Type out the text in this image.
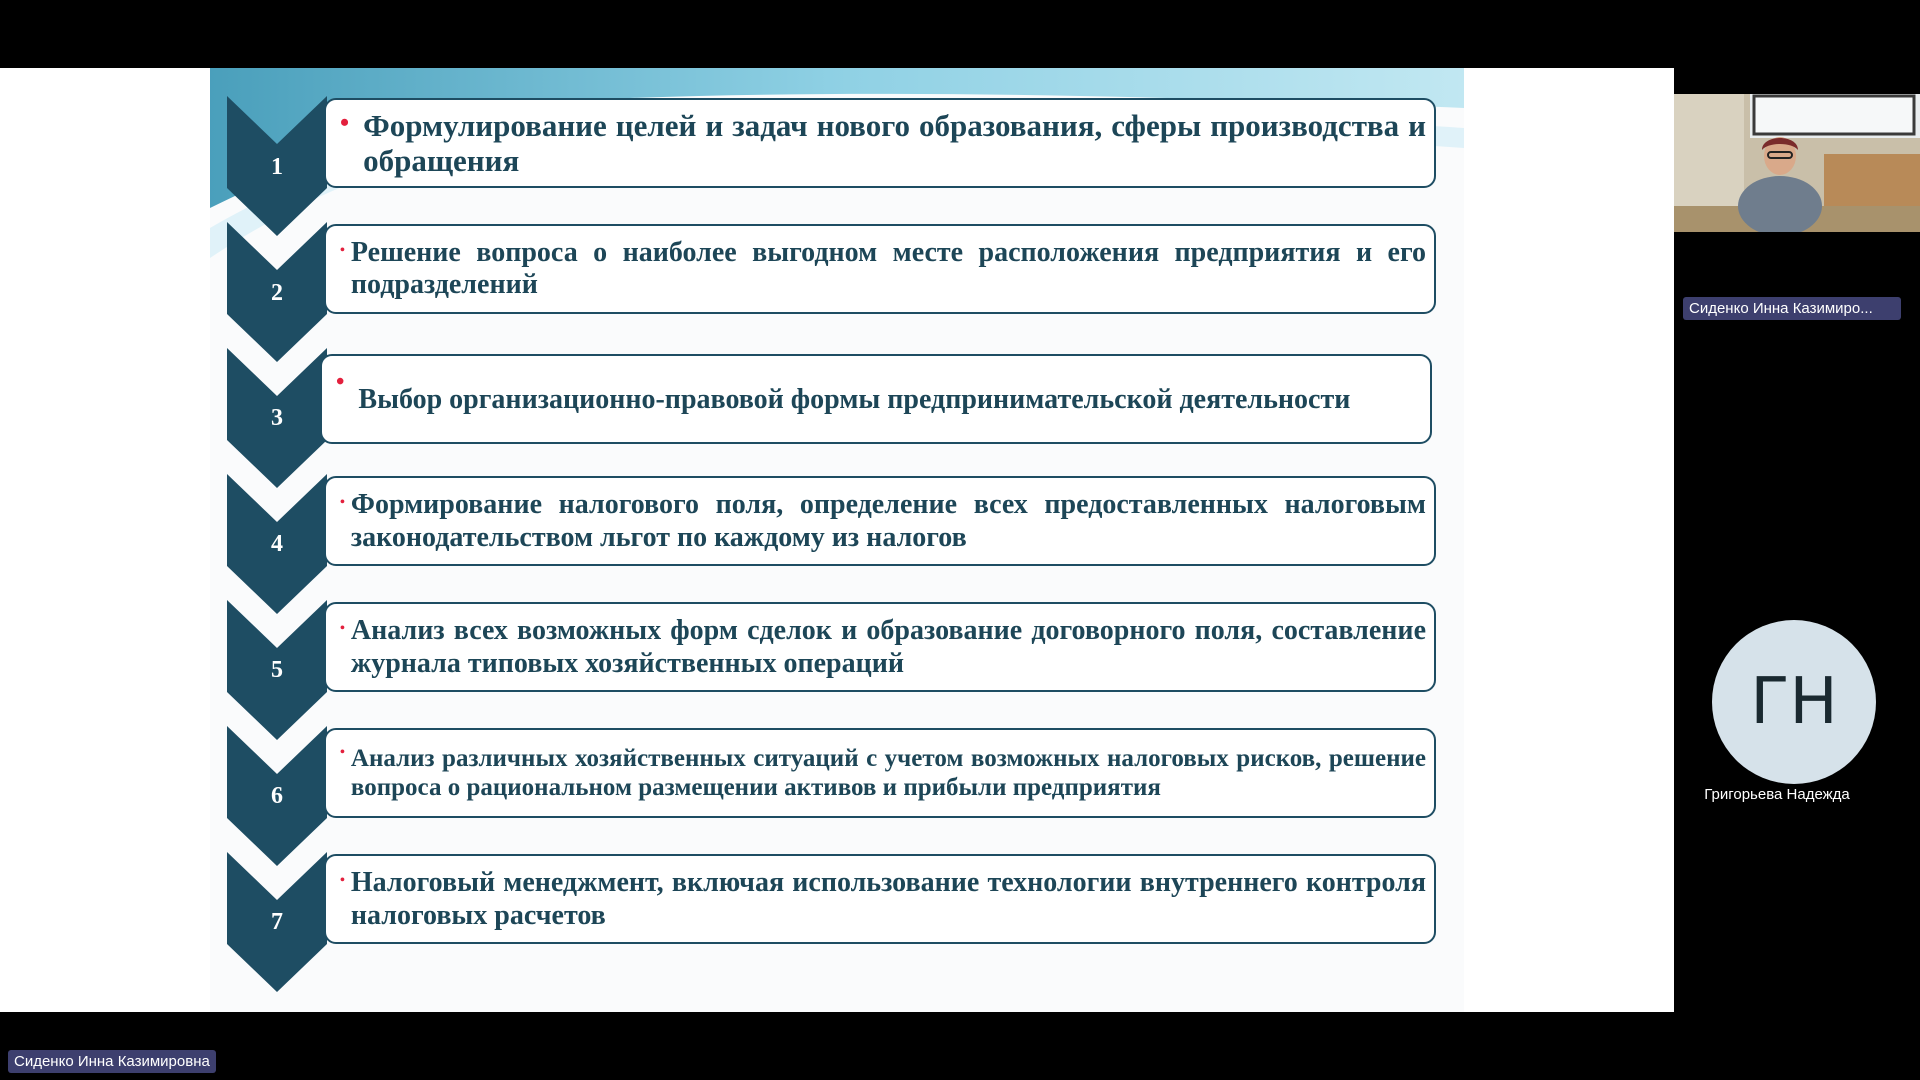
1
• Формулирование целей и задач нового образования, сферы производства и обращения
2
• Решение вопроса о наиболее выгодном месте расположения предприятия и его подразделений
3
•
Выбор организационно-правовой формы предпринимательской деятельности
4
• Формирование налогового поля, определение всех предоставленных налоговым законодательством льгот по каждому из налогов
5
• Анализ всех возможных форм сделок и образование договорного поля, составление журнала типовых хозяйственных операций
6
• Анализ различных хозяйственных ситуаций с учетом возможных налоговых рисков, решение вопроса о рациональном размещении активов и прибыли предприятия
7
• Налоговый менеджмент, включая использование технологии внутреннего контроля налоговых расчетов
Сиденко Инна Казимиро...
ГН
Григорьева Надежда
Сиденко Инна Казимировна
